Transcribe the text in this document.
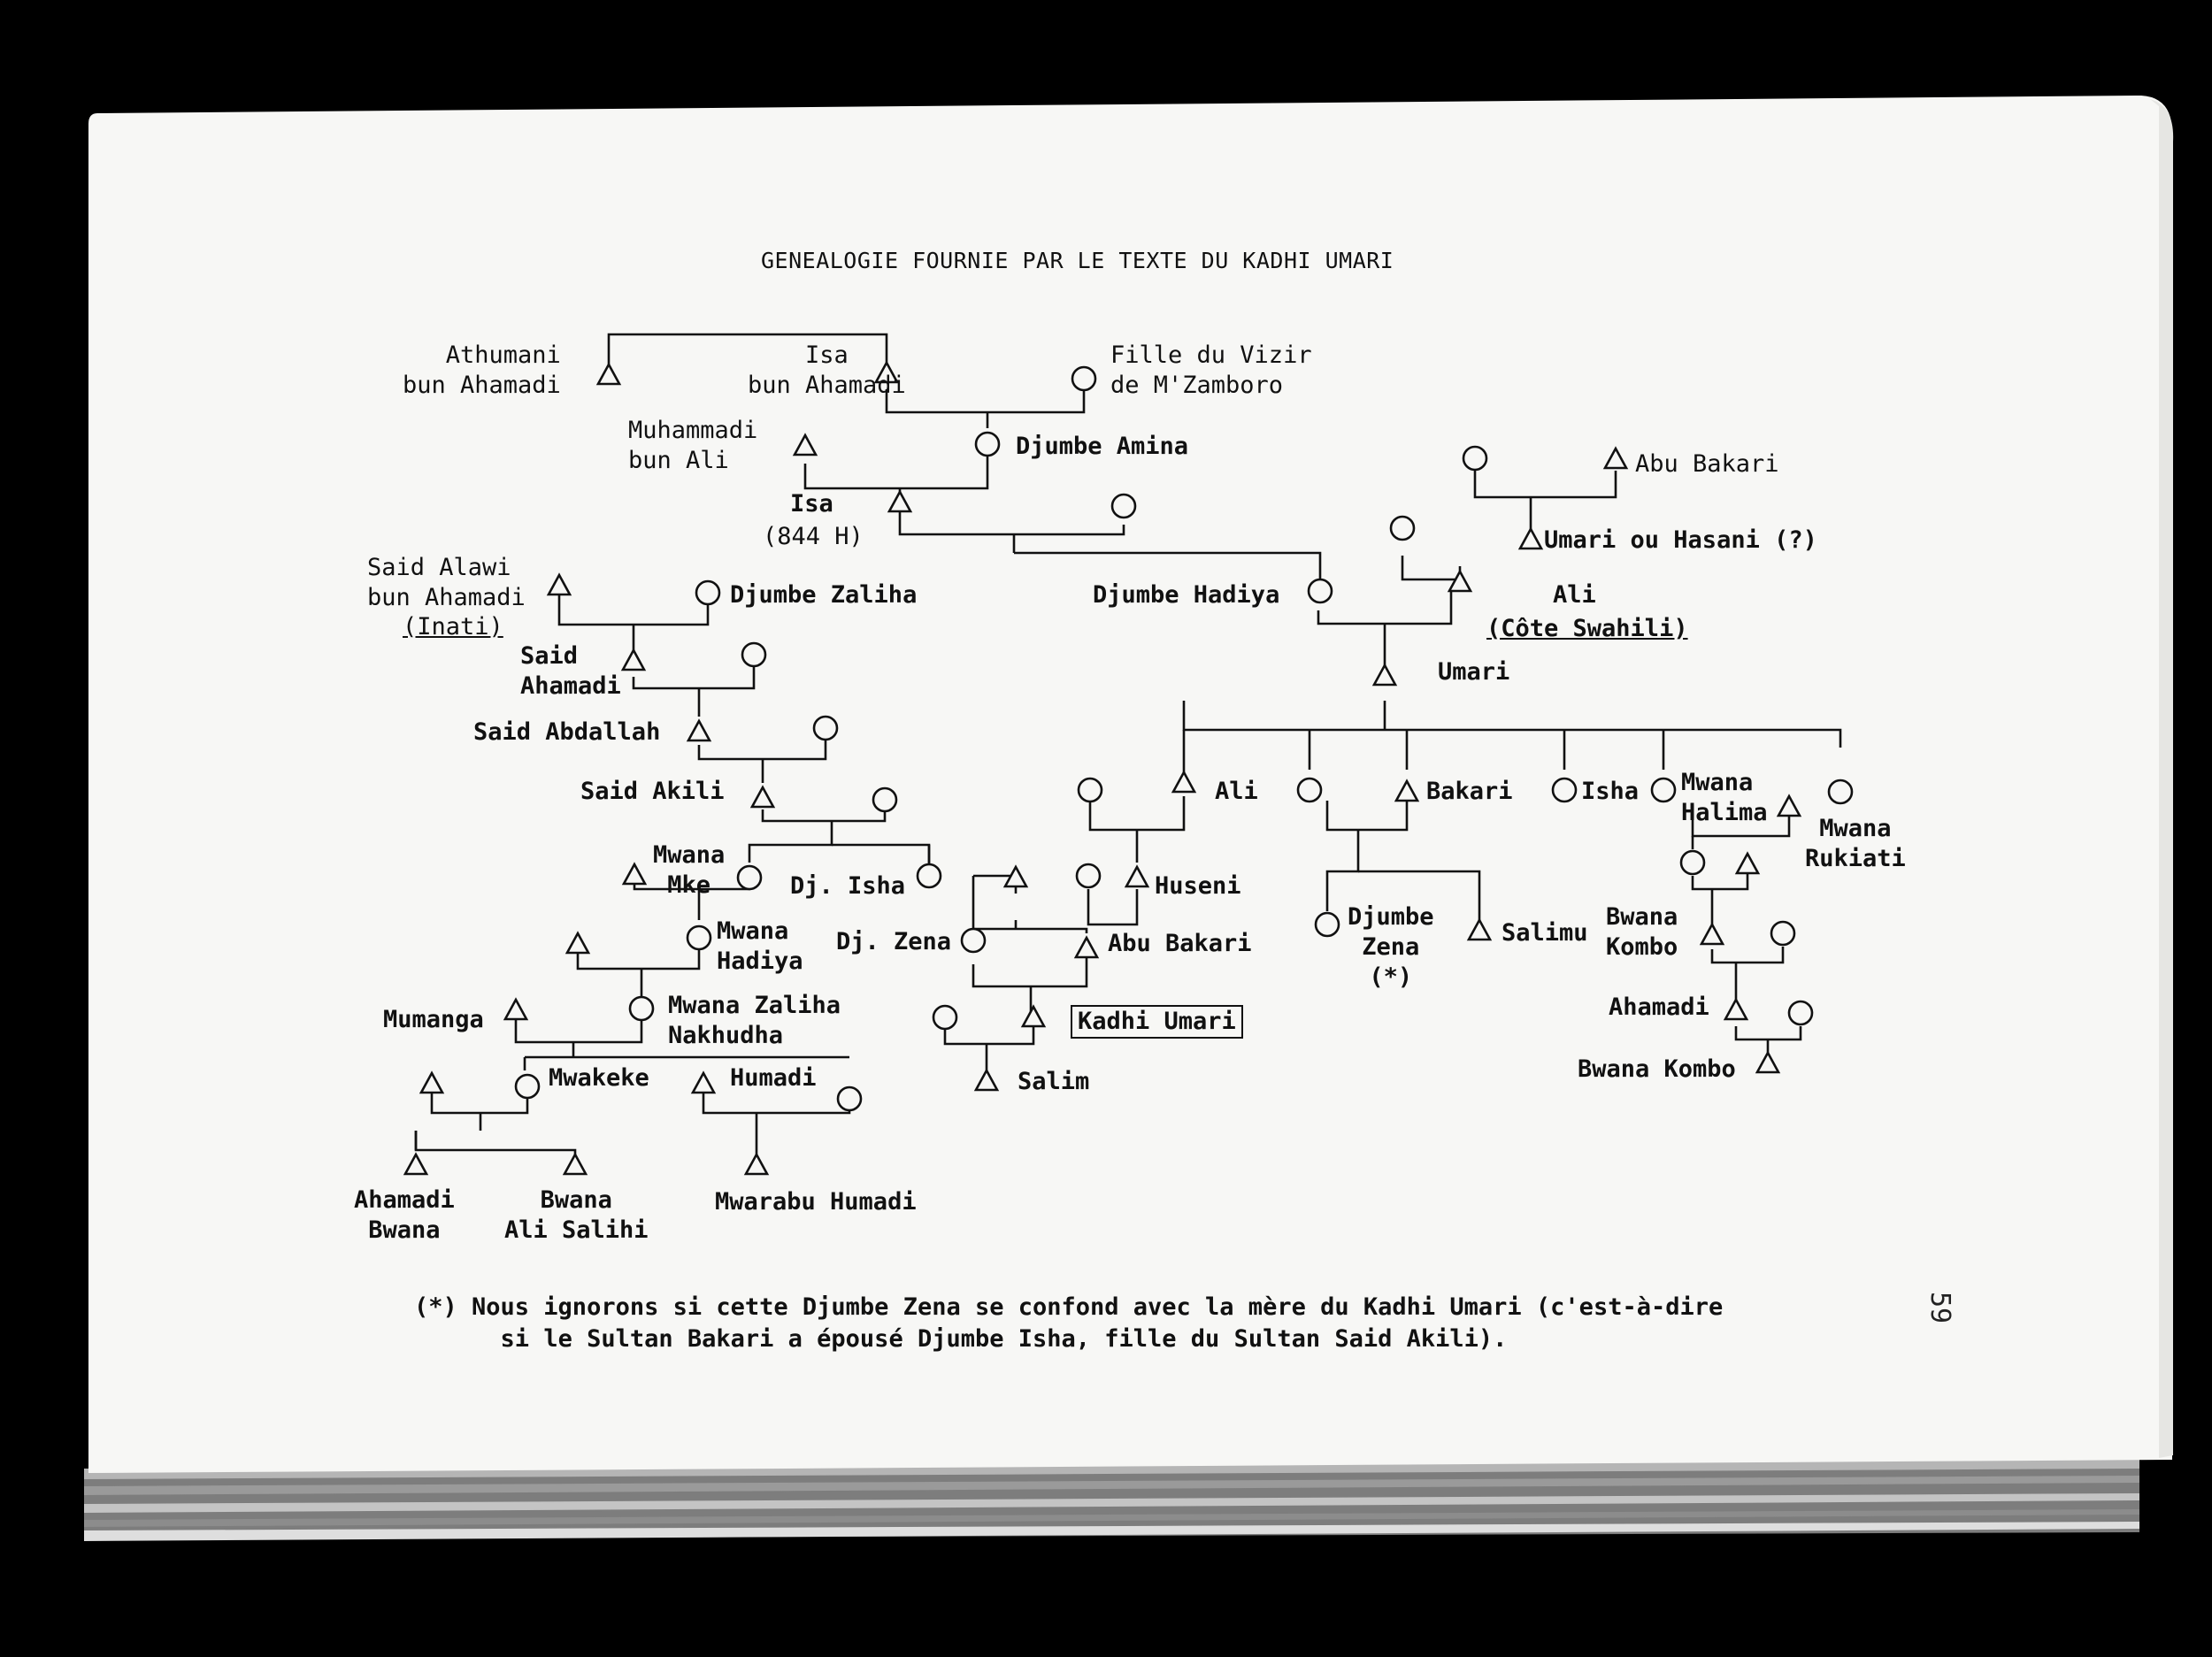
GENEALOGIE FOURNIE PAR LE TEXTE DU KADHI UMARI
Athumani
bun Ahamadi
Isa
bun Ahamadi
Fille du Vizir
de M'Zamboro
Muhammadi
bun Ali
Djumbe Amina
Isa
(844 H)
Abu Bakari
Umari ou Hasani (?)
Said Alawi
bun Ahamadi
(Inati)
Djumbe Zaliha	Djumbe Hadiya	Ali
(Côte Swahili)
Said
Ahamadi
Umari
Said Abdallah
Said Akili	Ali	Bakari	Isha Mwana
Halima
Mwana
Rukiati
Mwana
Mke	Dj. Isha	Huseni
Mwana
Hadiya
Dj. Zena	Abu Bakari
Djumbe
Zena
(*)
Salimu
Bwana
Kombo
Mumanga
Mwana Zaliha
Nakhudha
Kadhi Umari
Ahamadi
Mwakeke	Humadi	Salim	Bwana Kombo
Ahamadi
Bwana
Bwana
Ali Salihi
Mwarabu Humadi
(*) Nous ignorons si cette Djumbe Zena se confond avec la mère du Kadhi Umari (c'est-à-dire
si le Sultan Bakari a épousé Djumbe Isha, fille du Sultan Said Akili).
59
